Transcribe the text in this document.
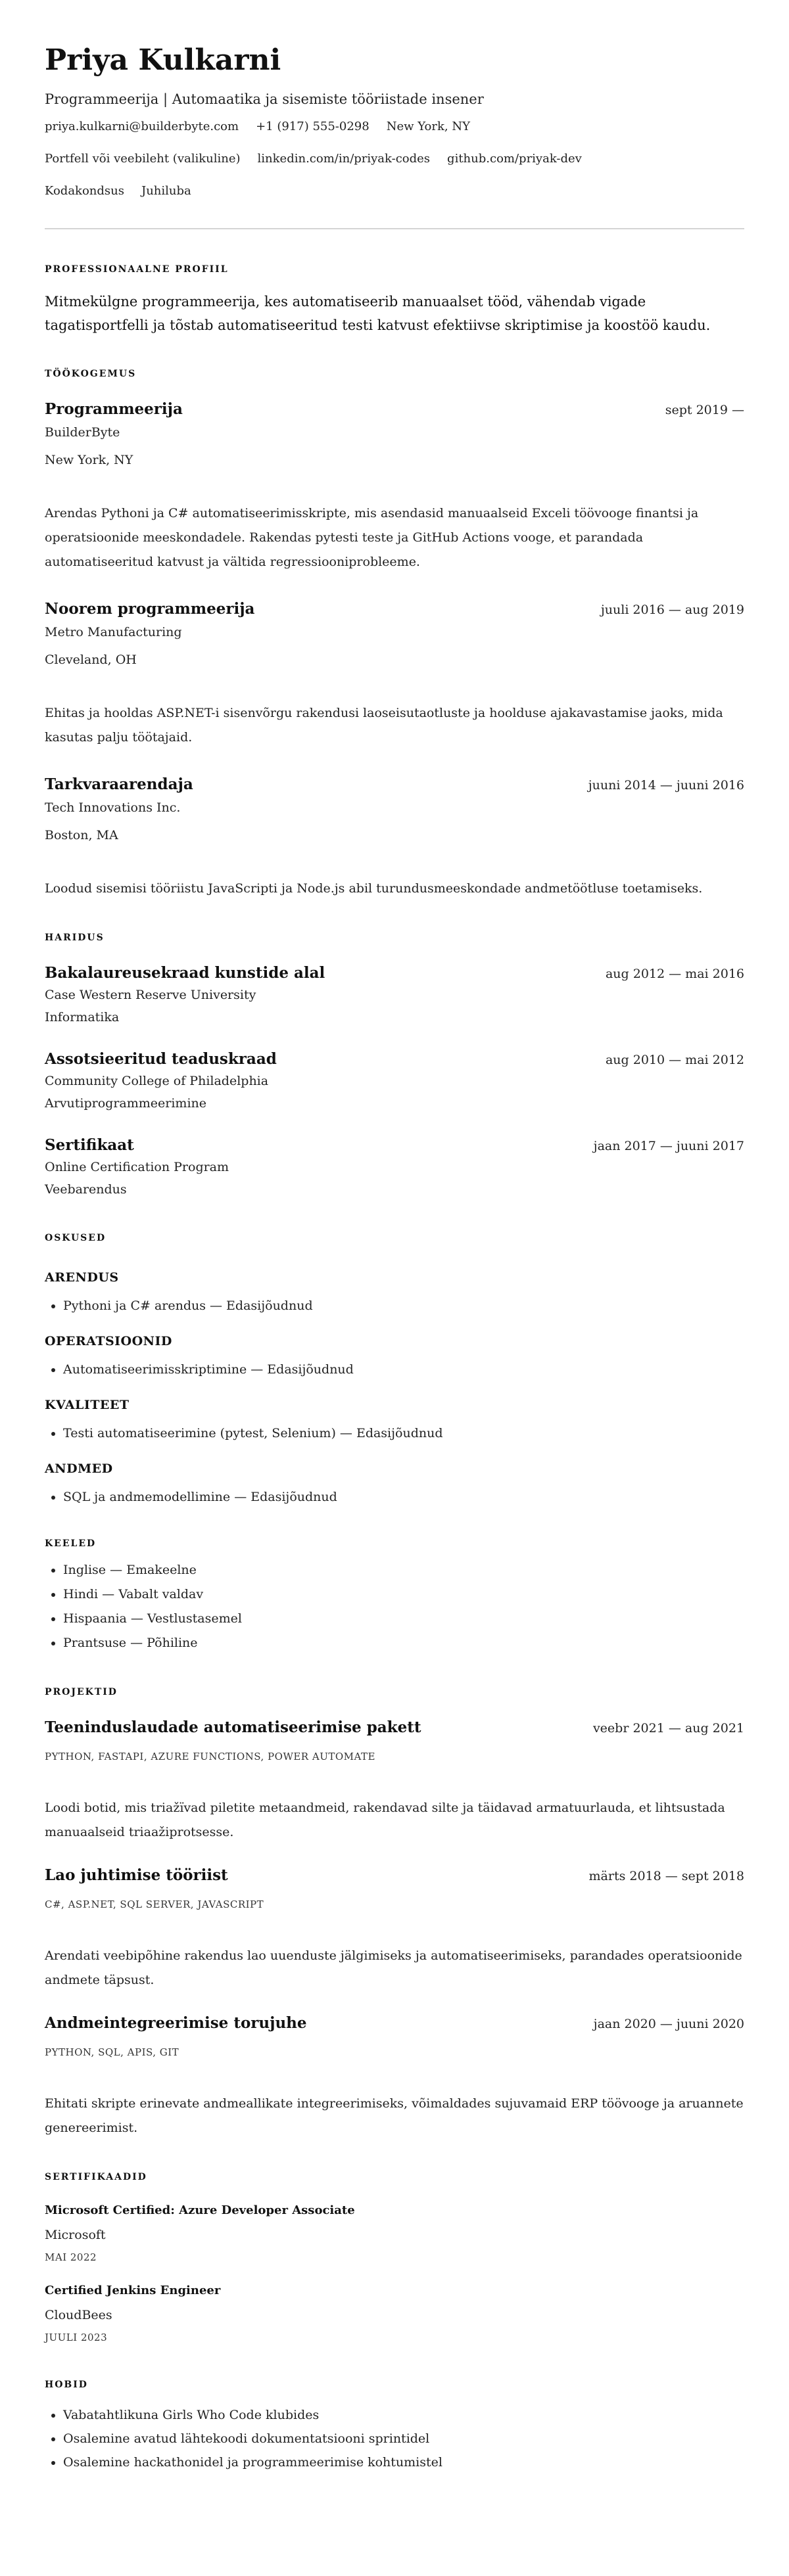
Priya Kulkarni
Programmeerija | Automaatika ja sisemiste tööriistade insener
priya.kulkarni@builderbyte.com +1 (917) 555-0298 New York, NY
Portfell või veebileht (valikuline) linkedin.com/in/priyak-codes github.com/priyak-dev
Kodakondsus Juhiluba
PROFESSIONAALNE PROFIIL

Mitmekülgne programmeerija, kes automatiseerib manuaalset tööd, vähendab vigade tagatisportfelli ja tõstab automatiseeritud testi katvust efektiivse skriptimise ja koostöö kaudu.

TÖÖKOGEMUS
Programmeerija	sept 2019 —
BuilderByte
New York, NY
Arendas Pythoni ja C# automatiseerimisskripte, mis asendasid manuaalseid Exceli töövooge finantsi ja operatsioonide meeskondadele. Rakendas pytesti teste ja GitHub Actions vooge, et parandada automatiseeritud katvust ja vältida regressiooniprobleeme.
Noorem programmeerija	juuli 2016 — aug 2019
Metro Manufacturing
Cleveland, OH
Ehitas ja hooldas ASP.NET-i sisenvõrgu rakendusi laoseisutaotluste ja hoolduse ajakavastamise jaoks, mida kasutas palju töötajaid.
Tarkvaraarendaja	juuni 2014 — juuni 2016
Tech Innovations Inc.
Boston, MA
Loodud sisemisi tööriistu JavaScripti ja Node.js abil turundusmeeskondade andmetöötluse toetamiseks.
HARIDUS
Bakalaureusekraad kunstide alal	aug 2012 — mai 2016
Case Western Reserve University
Informatika
Assotsieeritud teaduskraad	aug 2010 — mai 2012
Community College of Philadelphia
Arvutiprogrammeerimine
Sertifikaat	jaan 2017 — juuni 2017
Online Certification Program
Veebarendus
OSKUSED
ARENDUS
• Pythoni ja C# arendus — Edasijõudnud
OPERATSIOONID
• Automatiseerimisskriptimine — Edasijõudnud
KVALITEET
• Testi automatiseerimine (pytest, Selenium) — Edasijõudnud
ANDMED
• SQL ja andmemodellimine — Edasijõudnud
KEELED
• Inglise — Emakeelne
• Hindi — Vabalt valdav
• Hispaania — Vestlustasemel
• Prantsuse — Põhiline
PROJEKTID
Teeninduslaudade automatiseerimise pakett	veebr 2021 — aug 2021
PYTHON, FASTAPI, AZURE FUNCTIONS, POWER AUTOMATE
Loodi botid, mis triažïvad piletite metaandmeid, rakendavad silte ja täidavad armatuurlauda, et lihtsustada manuaalseid triaažiprotsesse.
Lao juhtimise tööriist	märts 2018 — sept 2018
C#, ASP.NET, SQL SERVER, JAVASCRIPT
Arendati veebipõhine rakendus lao uuenduste jälgimiseks ja automatiseerimiseks, parandades operatsioonide andmete täpsust.
Andmeintegreerimise torujuhe	jaan 2020 — juuni 2020
PYTHON, SQL, APIS, GIT
Ehitati skripte erinevate andmeallikate integreerimiseks, võimaldades sujuvamaid ERP töövooge ja aruannete genereerimist.
SERTIFIKAADID
Microsoft Certified: Azure Developer Associate
Microsoft
MAI 2022
Certified Jenkins Engineer
CloudBees
JUULI 2023
HOBID
• Vabatahtlikuna Girls Who Code klubides
• Osalemine avatud lähtekoodi dokumentatsiooni sprintidel
• Osalemine hackathonidel ja programmeerimise kohtumistel
